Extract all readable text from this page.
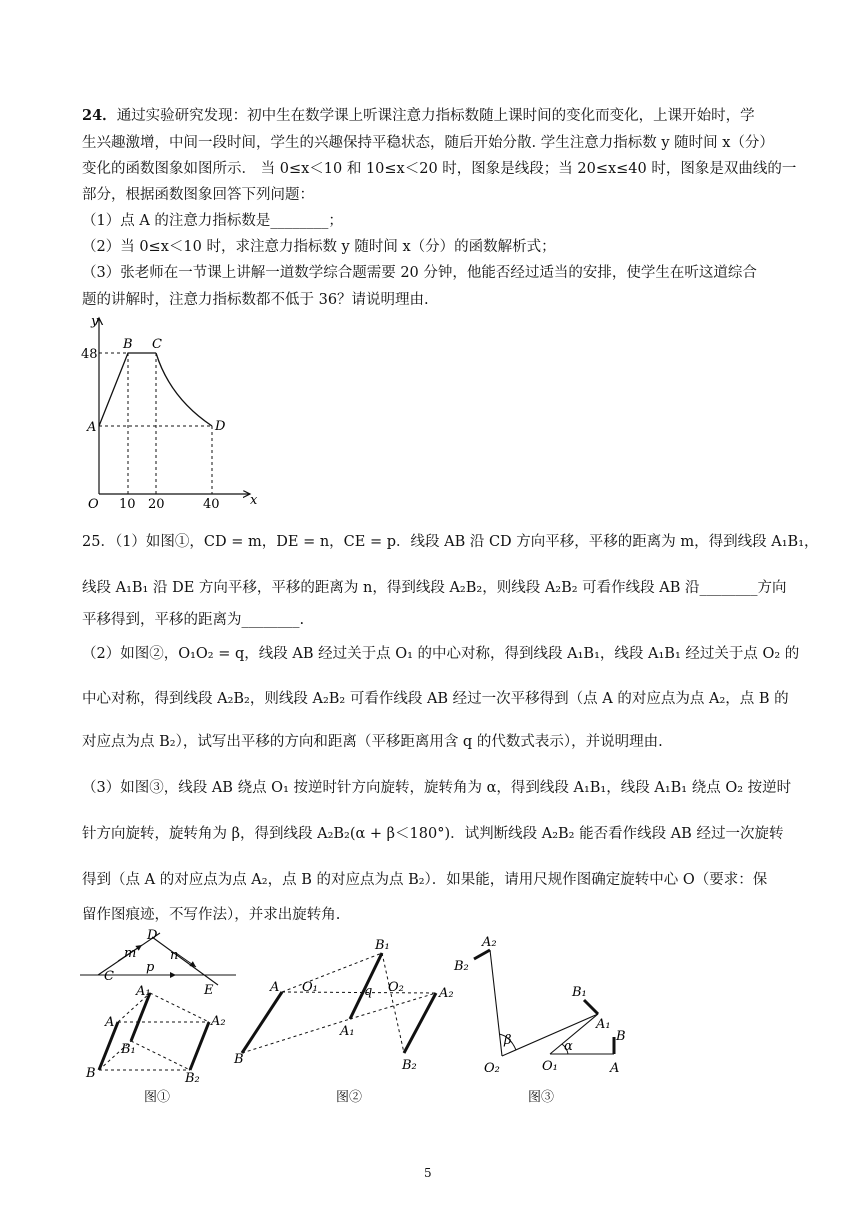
24．通过实验研究发现：初中生在数学课上听课注意力指标数随上课时间的变化而变化，上课开始时，学
生兴趣激增，中间一段时间，学生的兴趣保持平稳状态，随后开始分散. 学生注意力指标数 y 随时间 x（分）
变化的函数图象如图所示． 当 0≤x＜10 和 10≤x＜20 时，图象是线段；当 20≤x≤40 时，图象是双曲线的一
部分，根据函数图象回答下列问题：
（1）点 A 的注意力指标数是________；
（2）当 0≤x＜10 时，求注意力指标数 y 随时间 x（分）的函数解析式；
（3）张老师在一节课上讲解一道数学综合题需要 20 分钟，他能否经过适当的安排，使学生在听这道综合
题的讲解时，注意力指标数都不低于 36？请说明理由.
y
x
O
48
10 20	40
A
B C
D
25．（1）如图①，CD = m，DE = n，CE = p．线段 AB 沿 CD 方向平移，平移的距离为 m，得到线段 A₁B₁，
线段 A₁B₁ 沿 DE 方向平移，平移的距离为 n，得到线段 A₂B₂，则线段 A₂B₂ 可看作线段 AB 沿________方向
平移得到，平移的距离为________.
（2）如图②，O₁O₂ = q，线段 AB 经过关于点 O₁ 的中心对称，得到线段 A₁B₁，线段 A₁B₁ 经过关于点 O₂ 的
中心对称，得到线段 A₂B₂，则线段 A₂B₂ 可看作线段 AB 经过一次平移得到（点 A 的对应点为点 A₂，点 B 的
对应点为点 B₂），试写出平移的方向和距离（平移距离用含 q 的代数式表示），并说明理由.
（3）如图③，线段 AB 绕点 O₁ 按逆时针方向旋转，旋转角为 α，得到线段 A₁B₁，线段 A₁B₁ 绕点 O₂ 按逆时
针方向旋转，旋转角为 β，得到线段 A₂B₂(α + β＜180°)．试判断线段 A₂B₂ 能否看作线段 AB 经过一次旋转
得到（点 A 的对应点为点 A₂，点 B 的对应点为点 B₂）．如果能，请用尺规作图确定旋转中心 O（要求：保
留作图痕迹，不写作法），并求出旋转角.
C
D
E
m	n
p
A
B
A₁
B₁
A₂
B₂
A
B
O₁	O₂
q
A₁
B₁
A₂
B₂
A₂
B₂
O₂
β
B₁
A₁
O₁
α
A
B
图①	图②	图③
5
